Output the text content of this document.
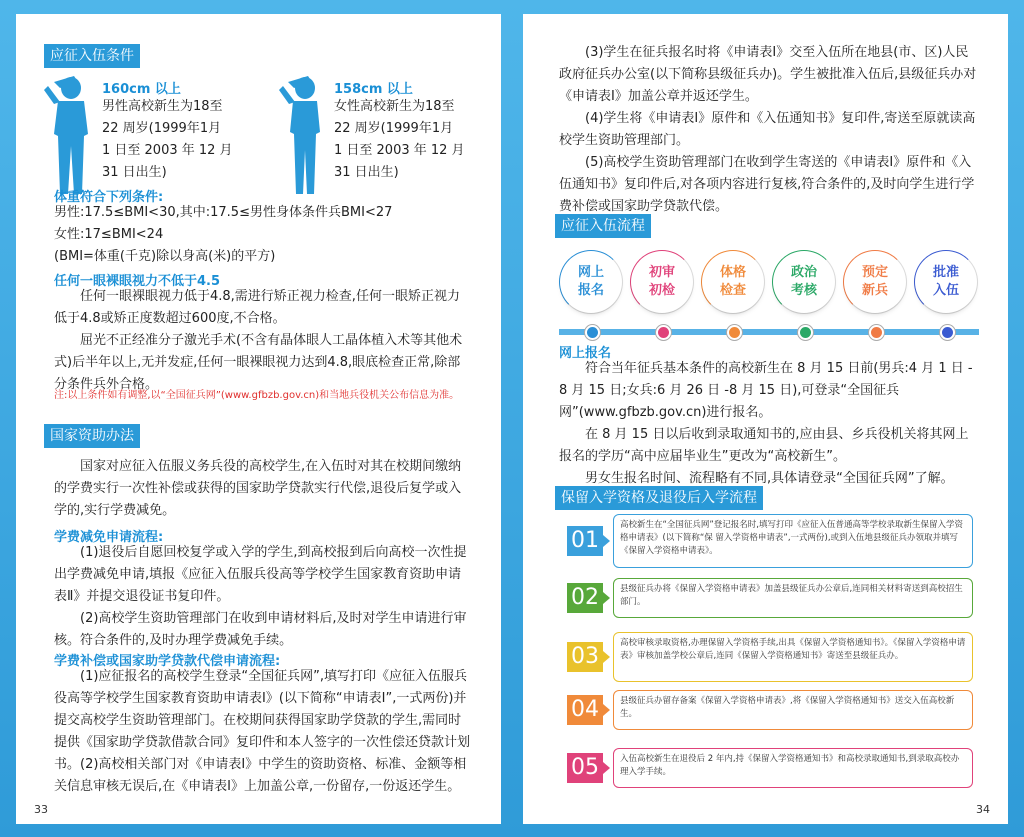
应征入伍条件
160cm 以上
男性高校新生为18至
22 周岁(1999年1月
1 日至 2003 年 12 月
31 日出生)
158cm 以上
女性高校新生为18至
22 周岁(1999年1月
1 日至 2003 年 12 月
31 日出生)
体重符合下列条件:
男性:17.5≤BMI<30,其中:17.5≤男性身体条件兵BMI<27
女性:17≤BMI<24
(BMI=体重(千克)除以身高(米)的平方)
任何一眼裸眼视力不低于4.5
任何一眼裸眼视力低于4.8,需进行矫正视力检查,任何一眼矫正视力低于4.8或矫正度数超过600度,不合格。
屈光不正经准分子激光手术(不含有晶体眼人工晶体植入术等其他术式)后半年以上,无并发症,任何一眼裸眼视力达到4.8,眼底检查正常,除部分条件兵外合格。
注:以上条件如有调整,以“全国征兵网”(www.gfbzb.gov.cn)和当地兵役机关公布信息为准。
国家资助办法
国家对应征入伍服义务兵役的高校学生,在入伍时对其在校期间缴纳的学费实行一次性补偿或获得的国家助学贷款实行代偿,退役后复学或入学的,实行学费减免。
学费减免申请流程:
(1)退役后自愿回校复学或入学的学生,到高校报到后向高校一次性提出学费减免申请,填报《应征入伍服兵役高等学校学生国家教育资助申请表Ⅱ》并提交退役证书复印件。
(2)高校学生资助管理部门在收到申请材料后,及时对学生申请进行审核。符合条件的,及时办理学费减免手续。
学费补偿或国家助学贷款代偿申请流程:
(1)应征报名的高校学生登录“全国征兵网”,填写打印《应征入伍服兵役高等学校学生国家教育资助申请表Ⅰ》(以下简称“申请表Ⅰ”,一式两份)并提交高校学生资助管理部门。在校期间获得国家助学贷款的学生,需同时提供《国家助学贷款借款合同》复印件和本人签字的一次性偿还贷款计划书。 (2)高校相关部门对《申请表Ⅰ》中学生的资助资格、标准、金额等相关信息审核无误后,在《申请表Ⅰ》上加盖公章,一份留存,一份返还学生。
33
(3)学生在征兵报名时将《申请表Ⅰ》交至入伍所在地县(市、区)人民政府征兵办公室(以下简称县级征兵办)。学生被批准入伍后,县级征兵办对《申请表Ⅰ》加盖公章并返还学生。
(4)学生将《申请表Ⅰ》原件和《入伍通知书》复印件,寄送至原就读高校学生资助管理部门。
(5)高校学生资助管理部门在收到学生寄送的《申请表Ⅰ》原件和《入伍通知书》复印件后,对各项内容进行复核,符合条件的,及时向学生进行学费补偿或国家助学贷款代偿。
应征入伍流程
网上
报名
初审
初检
体格
检查
政治
考核
预定
新兵
批准
入伍
网上报名
符合当年征兵基本条件的高校新生在 8 月 15 日前(男兵:4 月 1 日 - 8 月 15 日;女兵:6 月 26 日 -8 月 15 日),可登录“全国征兵网”(www.gfbzb.gov.cn)进行报名。
在 8 月 15 日以后收到录取通知书的,应由县、乡兵役机关将其网上报名的学历“高中应届毕业生”更改为“高校新生”。
男女生报名时间、流程略有不同,具体请登录“全国征兵网”了解。
保留入学资格及退役后入学流程
01
高校新生在“全国征兵网”登记报名时,填写打印《应征入伍普通高等学校录取新生保留入学资格申请表》(以下简称“保 留入学资格申请表”,一式两份),或到入伍地县级征兵办领取并填写《保留入学资格申请表》。
02	县级征兵办将《保留入学资格申请表》加盖县级征兵办公章后,连同相关材料寄送到高校招生部门。
03
高校审核录取资格,办理保留入学资格手续,出具《保留入学资格通知书》。《保留入学资格申请表》审核加盖学校公章后,连同《保留入学资格通知书》寄送至县级征兵办。
04	县级征兵办留存备案《保留入学资格申请表》,将《保留入学资格通知书》送交入伍高校新生。
05	入伍高校新生在退役后 2 年内,持《保留入学资格通知书》和高校录取通知书,到录取高校办理入学手续。
34
